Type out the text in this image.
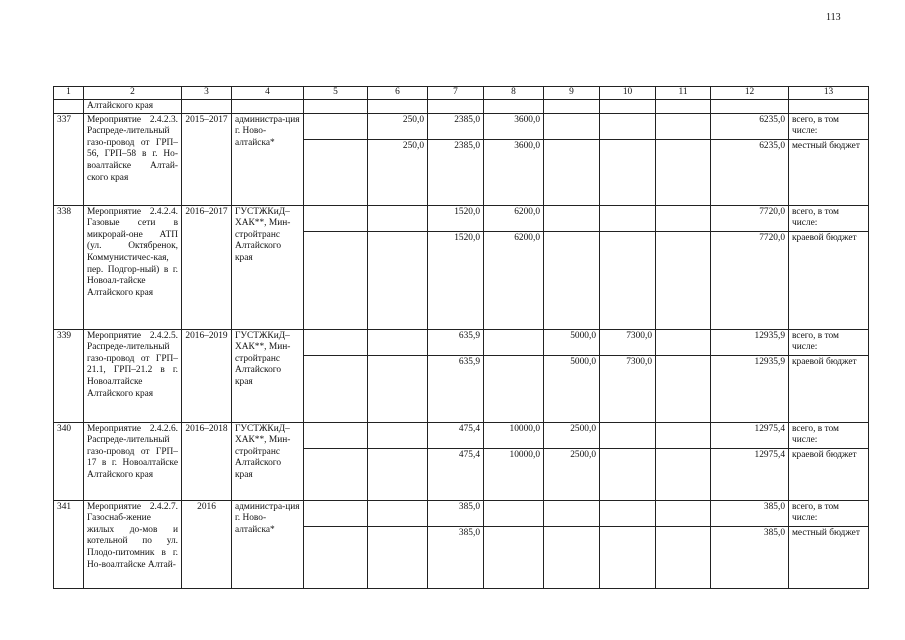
113
1	2	3	4	5	6	7	8	9	10	11	12	13
	Алтайского края											
337	Мероприятие 2.4.2.3. Распреде-лительный газо-провод от ГРП–56, ГРП–58 в г. Но-воалтайске Алтай-ского края	2015–2017	администра-ция г. Ново-алтайска*		250,0	2385,0	3600,0				6235,0	всего, в том числе:
					250,0	2385,0	3600,0				6235,0	местный бюджет
338	Мероприятие 2.4.2.4. Газовые сети в микрорай-оне АТП (ул. Октябренок, Коммунистичес-кая, пер. Подгор-ный) в г. Новоал-тайске Алтайского края	2016–2017	ГУСТЖКиД–ХАК**, Мин-стройтранс Алтайского края			1520,0	6200,0				7720,0	всего, в том числе:
						1520,0	6200,0				7720,0	краевой бюджет
339	Мероприятие 2.4.2.5. Распреде-лительный газо-провод от ГРП–21.1, ГРП–21.2 в г. Новоалтайске Алтайского края	2016–2019	ГУСТЖКиД–ХАК**, Мин-стройтранс Алтайского края			635,9		5000,0	7300,0		12935,9	всего, в том числе:
						635,9		5000,0	7300,0		12935,9	краевой бюджет
340	Мероприятие 2.4.2.6. Распреде-лительный газо-провод от ГРП–17 в г. Новоалтайске Алтайского края	2016–2018	ГУСТЖКиД–ХАК**, Мин-стройтранс Алтайского края			475,4	10000,0	2500,0			12975,4	всего, в том числе:
						475,4	10000,0	2500,0			12975,4	краевой бюджет
341	Мероприятие 2.4.2.7. Газоснаб-жение жилых до-мов и котельной по ул. Плодо-питомник в г. Но-воалтайске Алтай-	2016	администра-ция г. Ново-алтайска*			385,0					385,0	всего, в том числе:
						385,0					385,0	местный бюджет
